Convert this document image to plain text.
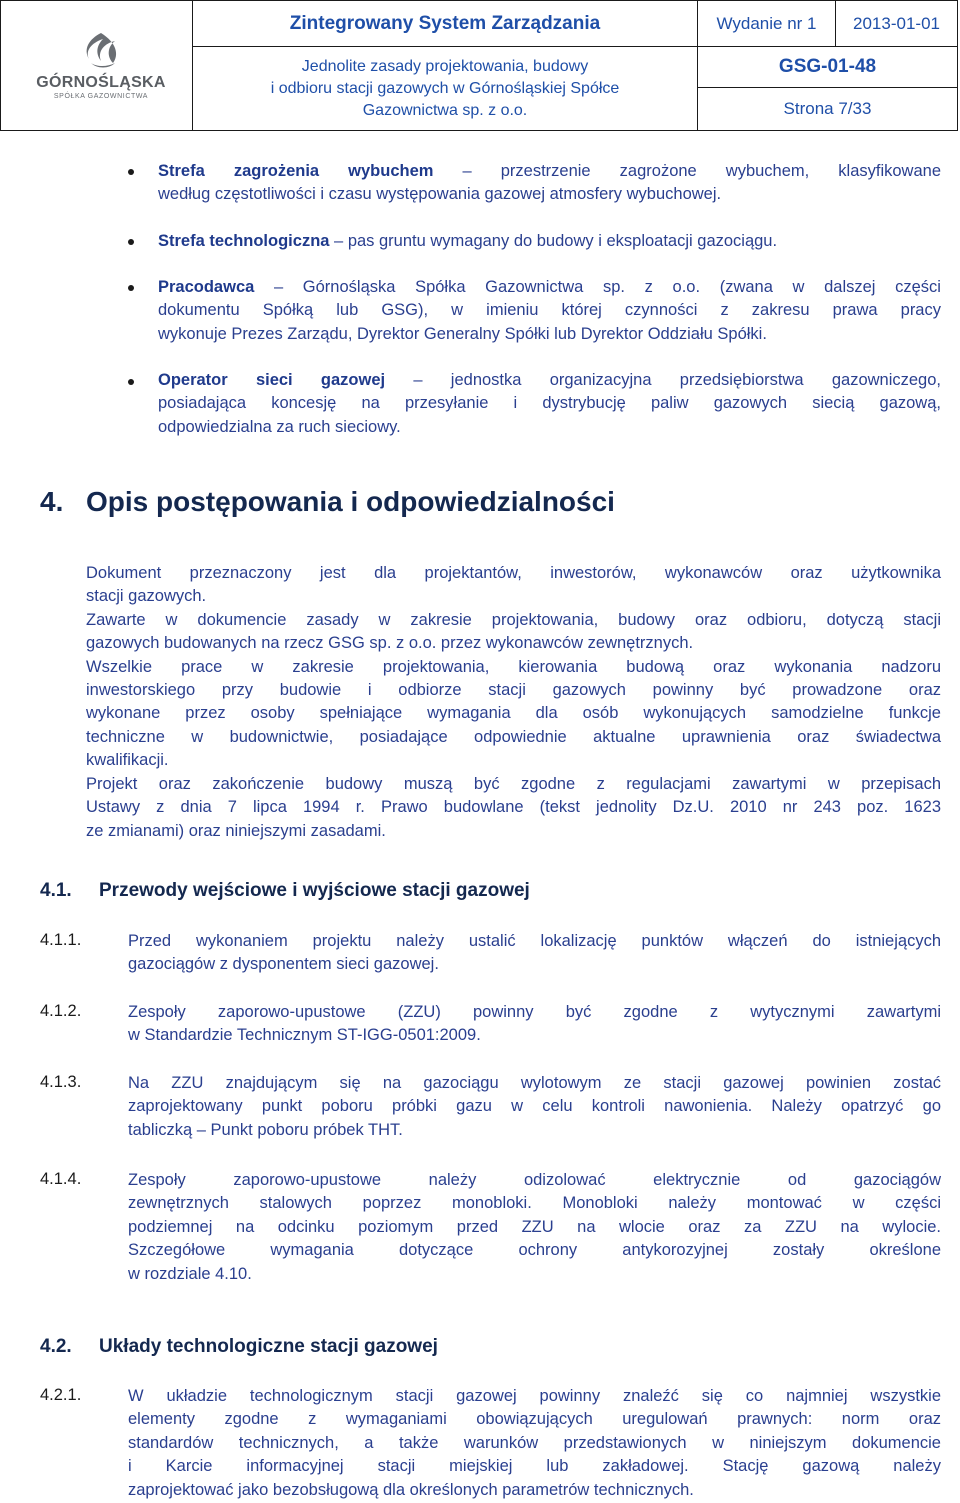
GÓRNOŚLĄSKA
SPÓŁKA GAZOWNICTWA
Zintegrowany System Zarządzania	Wydanie nr 1 2013-01-01
Jednolite zasady projektowania, budowy
i odbioru stacji gazowych w Górnośląskiej Spółce
Gazownictwa sp. z o.o.
GSG-01-48
Strona 7/33
Strefa zagrożenia wybuchem – przestrzenie zagrożone wybuchem, klasyfikowane
według częstotliwości i czasu występowania gazowej atmosfery wybuchowej.
Strefa technologiczna – pas gruntu wymagany do budowy i eksploatacji gazociągu.
Pracodawca – Górnośląska Spółka Gazownictwa sp. z o.o. (zwana w dalszej części
dokumentu Spółką lub GSG), w imieniu której czynności z zakresu prawa pracy
wykonuje Prezes Zarządu, Dyrektor Generalny Spółki lub Dyrektor Oddziału Spółki.
Operator sieci gazowej – jednostka organizacyjna przedsiębiorstwa gazowniczego,
posiadająca koncesję na przesyłanie i dystrybucję paliw gazowych siecią gazową,
odpowiedzialna za ruch sieciowy.
4. Opis postępowania i odpowiedzialności
Dokument przeznaczony jest dla projektantów, inwestorów, wykonawców oraz użytkownika
stacji gazowych.
Zawarte w dokumencie zasady w zakresie projektowania, budowy oraz odbioru, dotyczą stacji
gazowych budowanych na rzecz GSG sp. z o.o. przez wykonawców zewnętrznych.
Wszelkie prace w zakresie projektowania, kierowania budową oraz wykonania nadzoru
inwestorskiego przy budowie i odbiorze stacji gazowych powinny być prowadzone oraz
wykonane przez osoby spełniające wymagania dla osób wykonujących samodzielne funkcje
techniczne w budownictwie, posiadające odpowiednie aktualne uprawnienia oraz świadectwa
kwalifikacji.
Projekt oraz zakończenie budowy muszą być zgodne z regulacjami zawartymi w przepisach
Ustawy z dnia 7 lipca 1994 r. Prawo budowlane (tekst jednolity Dz.U. 2010 nr 243 poz. 1623
ze zmianami) oraz niniejszymi zasadami.
4.1. Przewody wejściowe i wyjściowe stacji gazowej
4.1.1.	Przed wykonaniem projektu należy ustalić lokalizację punktów włączeń do istniejących
gazociągów z dysponentem sieci gazowej.
4.1.2.	Zespoły zaporowo-upustowe (ZZU) powinny być zgodne z wytycznymi zawartymi
w Standardzie Technicznym ST-IGG-0501:2009.
4.1.3.	Na ZZU znajdującym się na gazociągu wylotowym ze stacji gazowej powinien zostać
zaprojektowany punkt poboru próbki gazu w celu kontroli nawonienia. Należy opatrzyć go
tabliczką – Punkt poboru próbek THT.
4.1.4.	Zespoły zaporowo-upustowe należy odizolować elektrycznie od gazociągów
zewnętrznych stalowych poprzez monobloki. Monobloki należy montować w części
podziemnej na odcinku poziomym przed ZZU na wlocie oraz za ZZU na wylocie.
Szczegółowe wymagania dotyczące ochrony antykorozyjnej zostały określone
w rozdziale 4.10.
4.2. Układy technologiczne stacji gazowej
4.2.1.	W układzie technologicznym stacji gazowej powinny znaleźć się co najmniej wszystkie
elementy zgodne z wymaganiami obowiązujących uregulowań prawnych: norm oraz
standardów technicznych, a także warunków przedstawionych w niniejszym dokumencie
i Karcie informacyjnej stacji miejskiej lub zakładowej. Stację gazową należy
zaprojektować jako bezobsługową dla określonych parametrów technicznych.
